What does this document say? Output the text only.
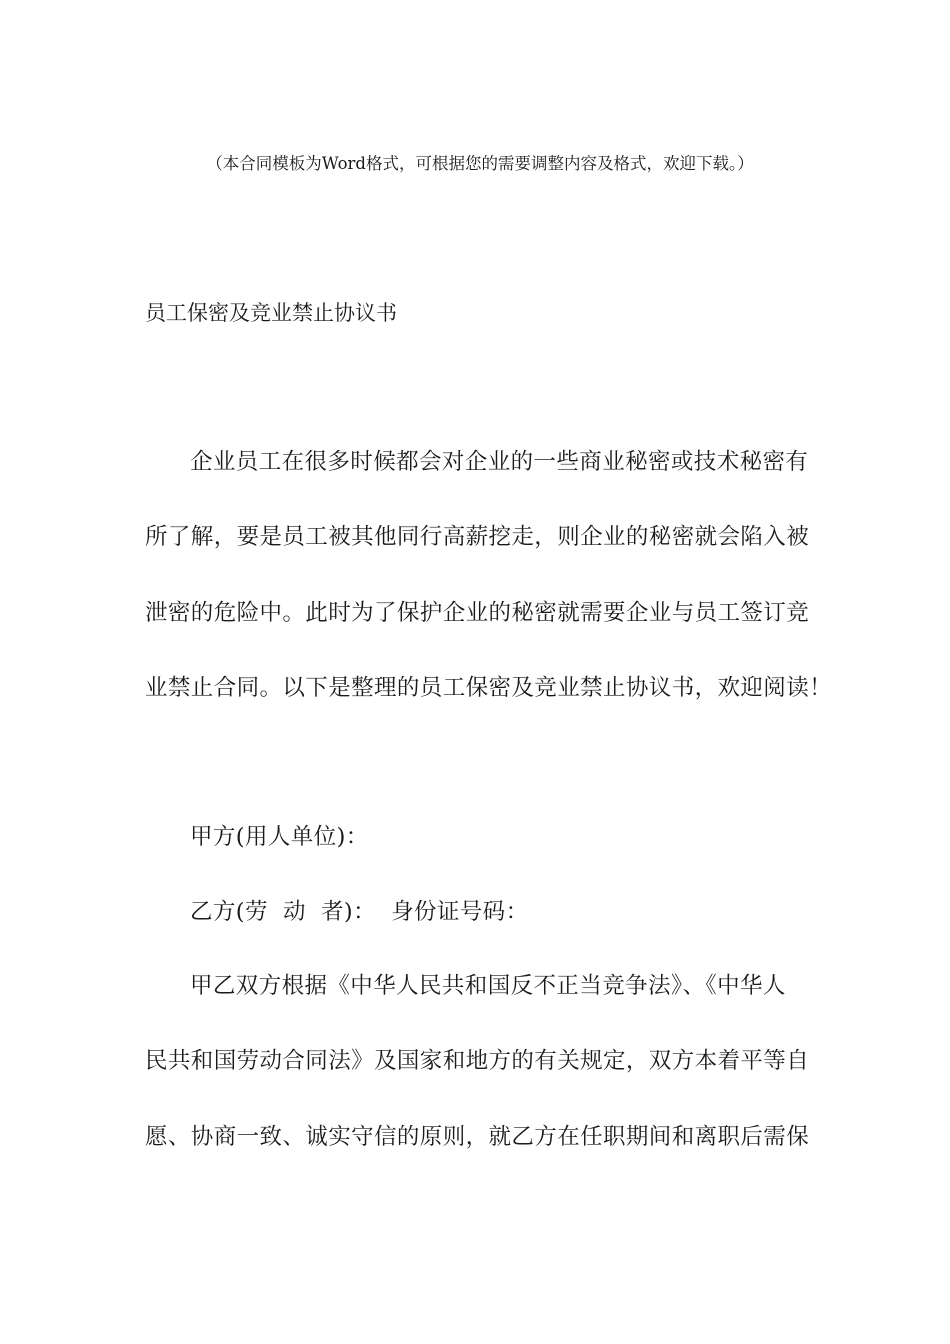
（本合同模板为Word格式，可根据您的需要调整内容及格式，欢迎下载。）
员工保密及竞业禁止协议书
企业员工在很多时候都会对企业的一些商业秘密或技术秘密有
所了解，要是员工被其他同行高薪挖走，则企业的秘密就会陷入被
泄密的危险中。此时为了保护企业的秘密就需要企业与员工签订竞
业禁止合同。以下是整理的员工保密及竞业禁止协议书，欢迎阅读！
甲方(用人单位)：
乙方(劳  动  者)：  身份证号码：
甲乙双方根据《中华人民共和国反不正当竞争法》、《中华人
民共和国劳动合同法》及国家和地方的有关规定，双方本着平等自
愿、协商一致、诚实守信的原则，就乙方在任职期间和离职后需保
